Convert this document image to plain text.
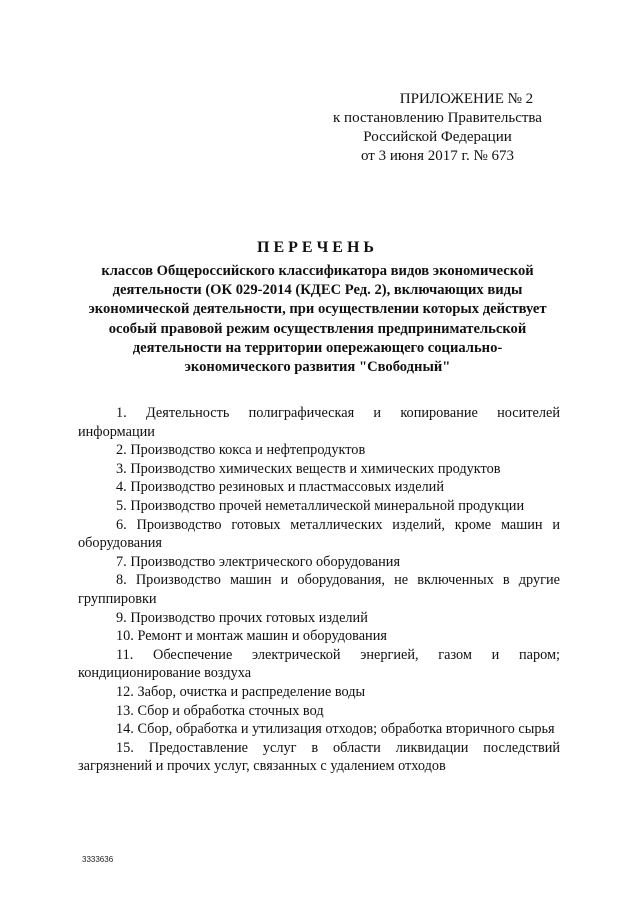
ПРИЛОЖЕНИЕ № 2
к постановлению Правительства
Российской Федерации
от 3 июня 2017 г. № 673
ПЕРЕЧЕНЬ
классов Общероссийского классификатора видов экономической
деятельности (ОК 029-2014 (КДЕС Ред. 2), включающих виды
экономической деятельности, при осуществлении которых действует
особый правовой режим осуществления предпринимательской
деятельности на территории опережающего социально-
экономического развития "Свободный"

1. Деятельность полиграфическая и копирование носителей информации

2. Производство кокса и нефтепродуктов

3. Производство химических веществ и химических продуктов

4. Производство резиновых и пластмассовых изделий

5. Производство прочей неметаллической минеральной продукции

6. Производство готовых металлических изделий, кроме машин и оборудования

7. Производство электрического оборудования

8. Производство машин и оборудования, не включенных в другие группировки

9. Производство прочих готовых изделий

10. Ремонт и монтаж машин и оборудования

11. Обеспечение электрической энергией, газом и паром; кондиционирование воздуха

12. Забор, очистка и распределение воды

13. Сбор и обработка сточных вод

14. Сбор, обработка и утилизация отходов; обработка вторичного сырья

15. Предоставление услуг в области ликвидации последствий загрязнений и прочих услуг, связанных с удалением отходов

3333636
